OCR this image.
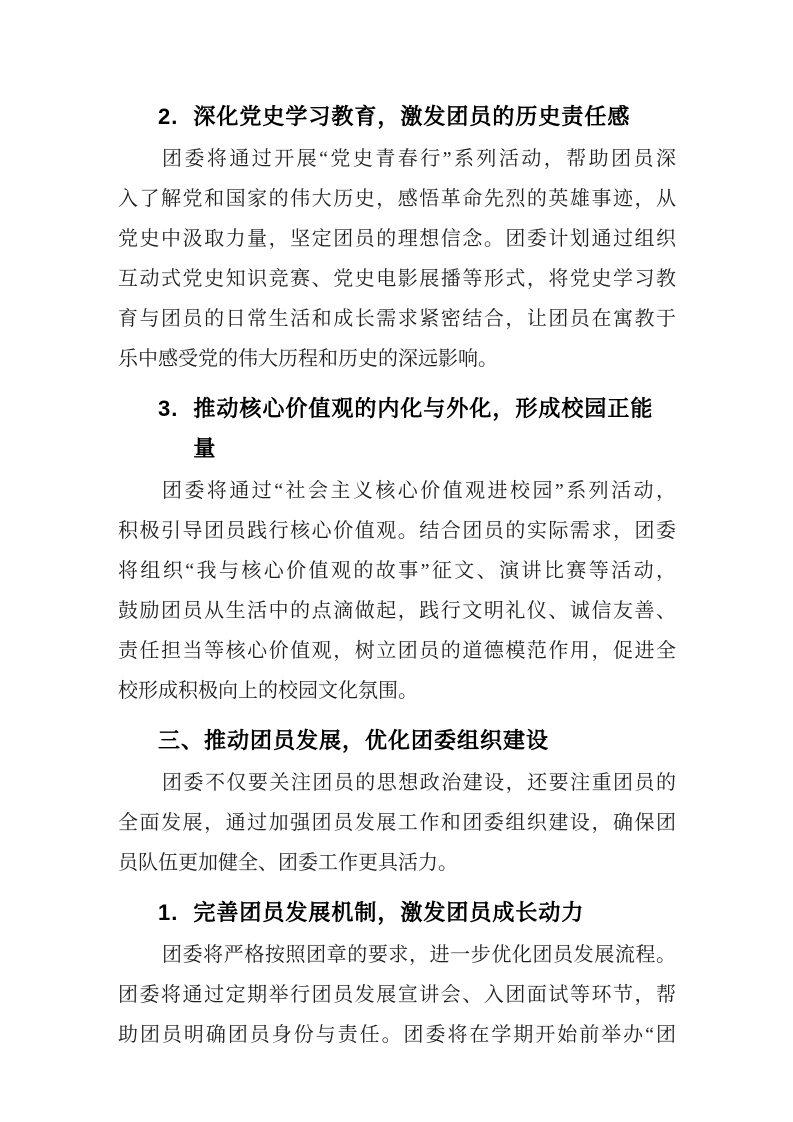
2. 深化党史学习教育，激发团员的历史责任感
团委将通过开展“党史青春行”系列活动，帮助团员深
入了解党和国家的伟大历史，感悟革命先烈的英雄事迹，从
党史中汲取力量，坚定团员的理想信念。团委计划通过组织
互动式党史知识竞赛、党史电影展播等形式，将党史学习教
育与团员的日常生活和成长需求紧密结合，让团员在寓教于
乐中感受党的伟大历程和历史的深远影响。
3. 推动核心价值观的内化与外化，形成校园正能量
团委将通过“社会主义核心价值观进校园”系列活动，
积极引导团员践行核心价值观。结合团员的实际需求，团委
将组织“我与核心价值观的故事”征文、演讲比赛等活动，
鼓励团员从生活中的点滴做起，践行文明礼仪、诚信友善、
责任担当等核心价值观，树立团员的道德模范作用，促进全
校形成积极向上的校园文化氛围。
三、 推动团员发展，优化团委组织建设
团委不仅要关注团员的思想政治建设，还要注重团员的
全面发展，通过加强团员发展工作和团委组织建设，确保团
员队伍更加健全、团委工作更具活力。
1. 完善团员发展机制，激发团员成长动力
团委将严格按照团章的要求，进一步优化团员发展流程。
团委将通过定期举行团员发展宣讲会、入团面试等环节，帮
助团员明确团员身份与责任。团委将在学期开始前举办“团
